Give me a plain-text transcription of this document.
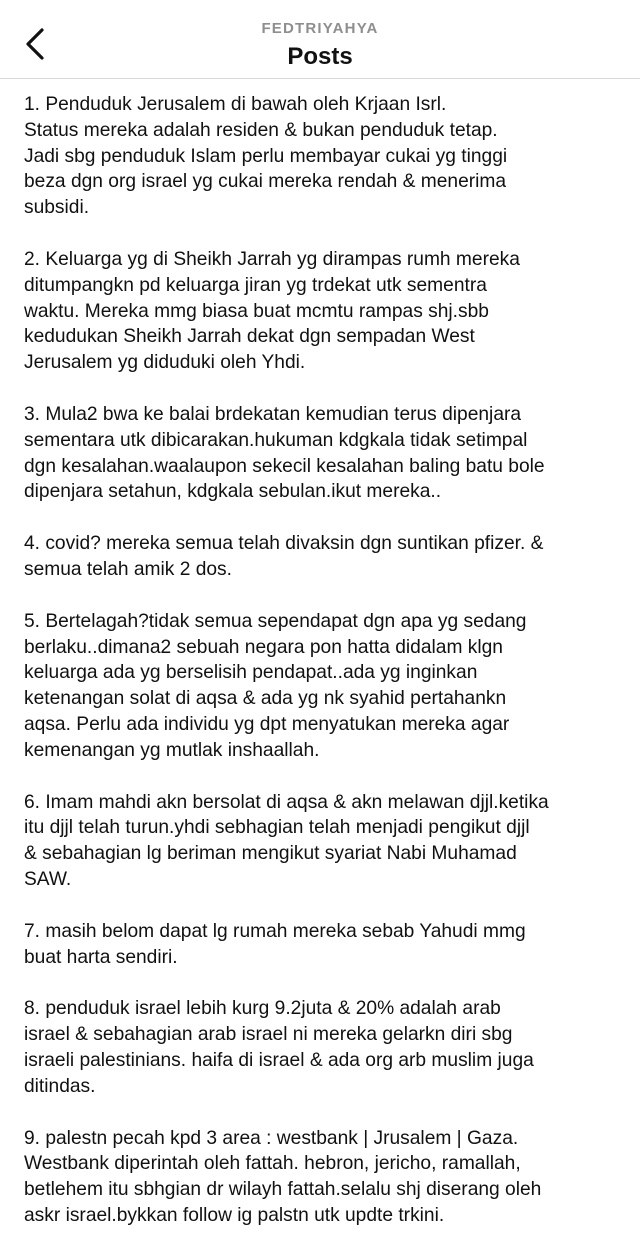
FEDTRIYAHYA
Posts
1. Penduduk Jerusalem di bawah oleh Krjaan Isrl.
Status mereka adalah residen & bukan penduduk tetap.
Jadi sbg penduduk Islam perlu membayar cukai yg tinggi
beza dgn org israel yg cukai mereka rendah & menerima
subsidi.
2. Keluarga yg di Sheikh Jarrah yg dirampas rumh mereka
ditumpangkn pd keluarga jiran yg trdekat utk sementra
waktu. Mereka mmg biasa buat mcmtu rampas shj.sbb
kedudukan Sheikh Jarrah dekat dgn sempadan West
Jerusalem yg diduduki oleh Yhdi.
3. Mula2 bwa ke balai brdekatan kemudian terus dipenjara
sementara utk dibicarakan.hukuman kdgkala tidak setimpal
dgn kesalahan.waalaupon sekecil kesalahan baling batu bole
dipenjara setahun, kdgkala sebulan.ikut mereka..
4. covid? mereka semua telah divaksin dgn suntikan pfizer. &
semua telah amik 2 dos.
5. Bertelagah?tidak semua sependapat dgn apa yg sedang
berlaku..dimana2 sebuah negara pon hatta didalam klgn
keluarga ada yg berselisih pendapat..ada yg inginkan
ketenangan solat di aqsa & ada yg nk syahid pertahankn
aqsa. Perlu ada individu yg dpt menyatukan mereka agar
kemenangan yg mutlak inshaallah.
6. Imam mahdi akn bersolat di aqsa & akn melawan djjl.ketika
itu djjl telah turun.yhdi sebhagian telah menjadi pengikut djjl
& sebahagian lg beriman mengikut syariat Nabi Muhamad
SAW.
7. masih belom dapat lg rumah mereka sebab Yahudi mmg
buat harta sendiri.
8. penduduk israel lebih kurg 9.2juta & 20% adalah arab
israel & sebahagian arab israel ni mereka gelarkn diri sbg
israeli palestinians. haifa di israel & ada org arb muslim juga
ditindas.
9. palestn pecah kpd 3 area : westbank | Jrusalem | Gaza.
Westbank diperintah oleh fattah. hebron, jericho, ramallah,
betlehem itu sbhgian dr wilayh fattah.selalu shj diserang oleh
askr israel.bykkan follow ig palstn utk updte trkini.
